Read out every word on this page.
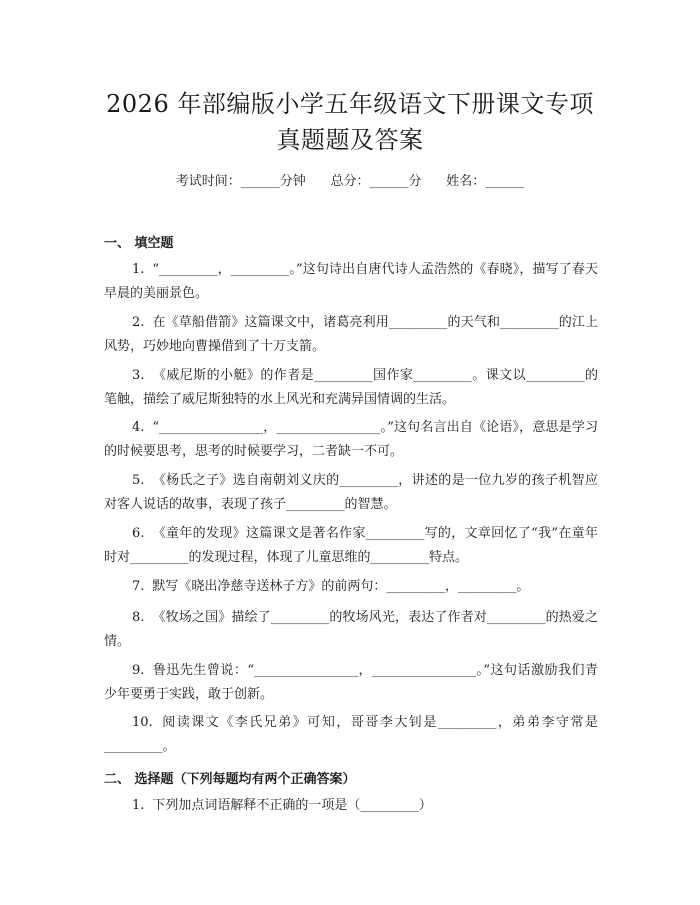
2026 年部编版小学五年级语文下册课文专项
真题题及答案
考试时间：______分钟      总分：______分      姓名：______
一、 填空题
1. “_________，_________。”这句诗出自唐代诗人孟浩然的《春晓》，描写了春天早晨的美丽景色。
2. 在《草船借箭》这篇课文中，诸葛亮利用_________的天气和_________的江上风势，巧妙地向曹操借到了十万支箭。
3. 《威尼斯的小艇》的作者是_________国作家_________。课文以_________的笔触，描绘了威尼斯独特的水上风光和充满异国情调的生活。
4. “________________，________________。”这句名言出自《论语》，意思是学习的时候要思考，思考的时候要学习，二者缺一不可。
5. 《杨氏之子》选自南朝刘义庆的_________，讲述的是一位九岁的孩子机智应对客人说话的故事，表现了孩子_________的智慧。
6. 《童年的发现》这篇课文是著名作家_________写的，文章回忆了“我”在童年时对_________的发现过程，体现了儿童思维的_________特点。
7. 默写《晓出净慈寺送林子方》的前两句：_________，_________。
8. 《牧场之国》描绘了_________的牧场风光，表达了作者对_________的热爱之情。
9. 鲁迅先生曾说：“________________，________________。”这句话激励我们青少年要勇于实践，敢于创新。
10. 阅读课文《李氏兄弟》可知，哥哥李大钊是_________，弟弟李守常是_________。
二、 选择题（下列每题均有两个正确答案）
1. 下列加点词语解释不正确的一项是（_________）
